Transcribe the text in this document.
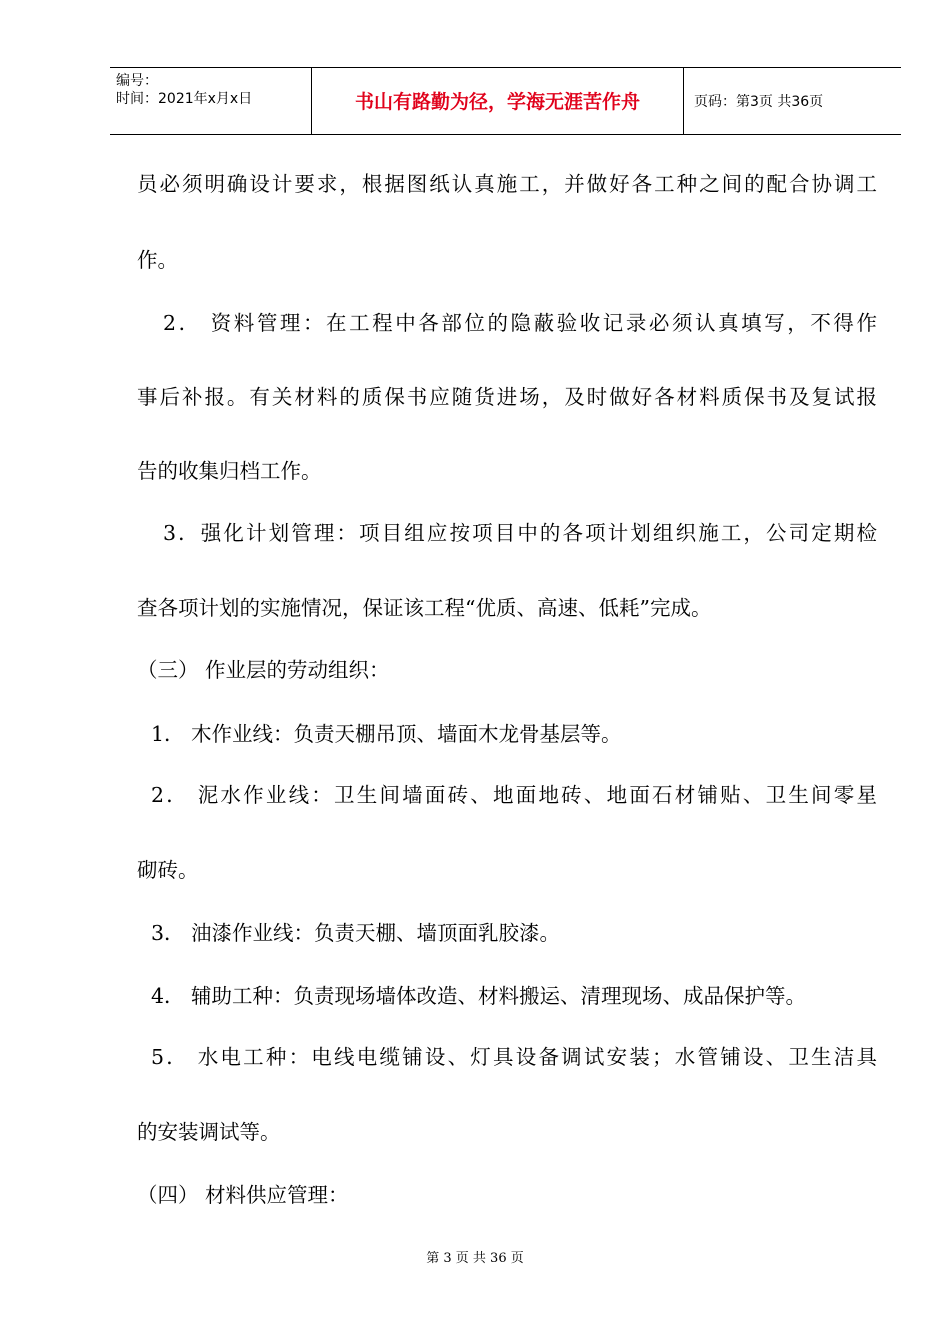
编号：
时间：2021年x月x日	书山有路勤为径，学海无涯苦作舟	页码：第3页 共36页
员必须明确设计要求，根据图纸认真施工，并做好各工种之间的配合协调工
作。
2． 资料管理：在工程中各部位的隐蔽验收记录必须认真填写，不得作
事后补报。有关材料的质保书应随货进场，及时做好各材料质保书及复试报
告的收集归档工作。
3．强化计划管理：项目组应按项目中的各项计划组织施工，公司定期检
查各项计划的实施情况，保证该工程“优质、高速、低耗”完成。
（三） 作业层的劳动组织：
1． 木作业线：负责天棚吊顶、墙面木龙骨基层等。
2． 泥水作业线：卫生间墙面砖、地面地砖、地面石材铺贴、卫生间零星
砌砖。
3． 油漆作业线：负责天棚、墙顶面乳胶漆。
4． 辅助工种：负责现场墙体改造、材料搬运、清理现场、成品保护等。
5． 水电工种：电线电缆铺设、灯具设备调试安装；水管铺设、卫生洁具
的安装调试等。
（四） 材料供应管理：
第 3 页 共 36 页
